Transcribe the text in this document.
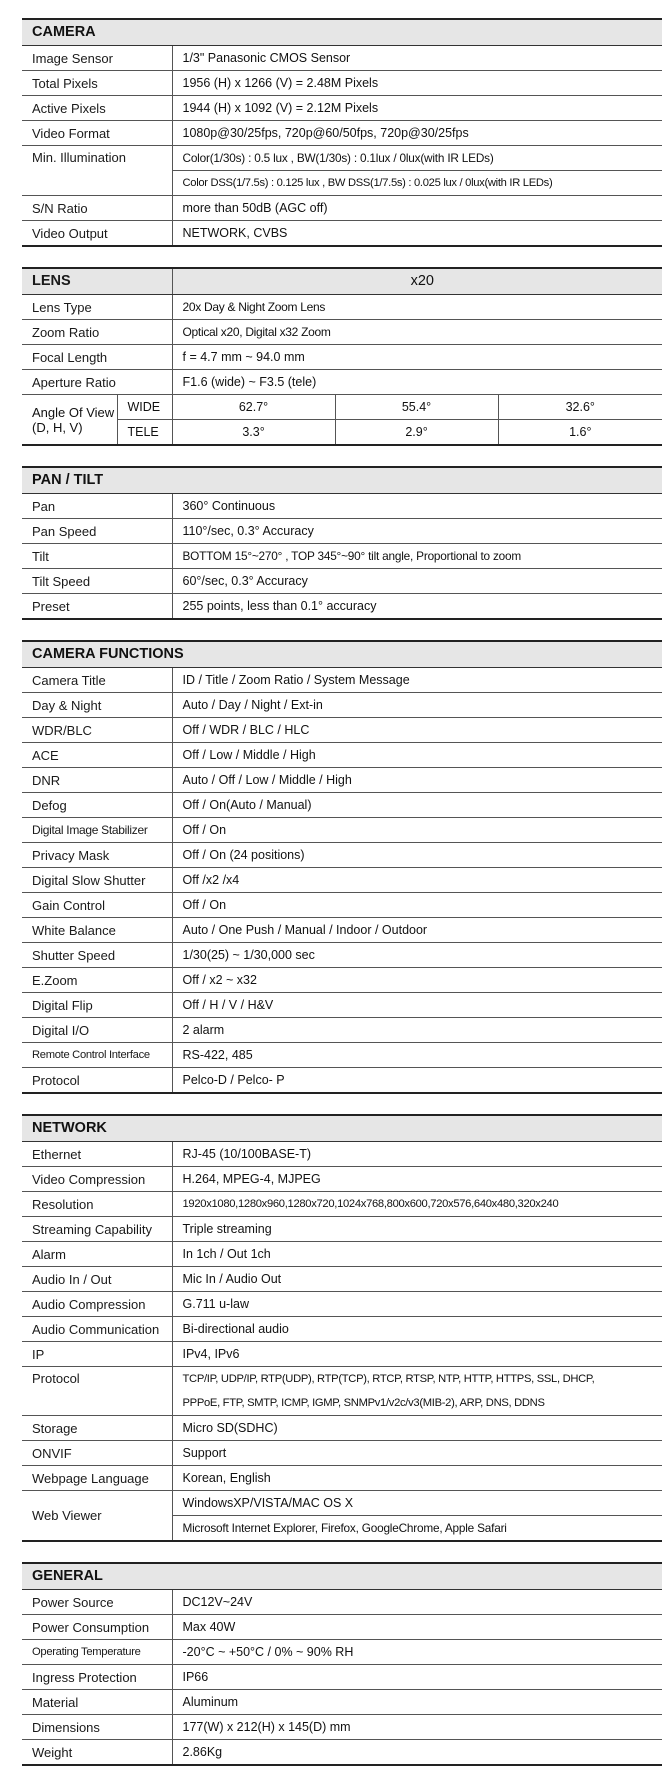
CAMERA	
Image Sensor	1/3" Panasonic CMOS Sensor
Total Pixels	1956 (H) x 1266 (V) = 2.48M Pixels
Active Pixels	1944 (H) x 1092 (V) = 2.12M Pixels
Video Format	1080p@30/25fps, 720p@60/50fps, 720p@30/25fps
Min. Illumination	Color(1/30s) : 0.5 lux , BW(1/30s) : 0.1lux / 0lux(with IR LEDs)
	Color DSS(1/7.5s) : 0.125 lux , BW DSS(1/7.5s) : 0.025 lux / 0lux(with IR LEDs)
S/N Ratio	more than 50dB (AGC off)
Video Output	NETWORK, CVBS
LENS		x20		
Lens Type		20x Day & Night Zoom Lens		
Zoom Ratio		Optical x20, Digital x32 Zoom		
Focal Length		f = 4.7 mm ~ 94.0 mm		
Aperture Ratio		F1.6 (wide) ~ F3.5 (tele)		
Angle Of View
(D, H, V)	WIDE	62.7°	55.4°	32.6°
	TELE	3.3°	2.9°	1.6°
PAN / TILT	
Pan	360° Continuous
Pan Speed	110°/sec, 0.3° Accuracy
Tilt	BOTTOM 15°~270° , TOP 345°~90° tilt angle, Proportional to zoom
Tilt Speed	60°/sec, 0.3° Accuracy
Preset	255 points, less than 0.1° accuracy
CAMERA FUNCTIONS	
Camera Title	ID / Title / Zoom Ratio / System Message
Day & Night	Auto / Day / Night / Ext-in
WDR/BLC	Off / WDR / BLC / HLC
ACE	Off / Low / Middle / High
DNR	Auto / Off / Low / Middle / High
Defog	Off / On(Auto / Manual)
Digital Image Stabilizer	Off / On
Privacy Mask	Off / On (24 positions)
Digital Slow Shutter	Off /x2 /x4
Gain Control	Off / On
White Balance	Auto / One Push / Manual / Indoor / Outdoor
Shutter Speed	1/30(25) ~ 1/30,000 sec
E.Zoom	Off / x2 ~ x32
Digital Flip	Off / H / V / H&V
Digital I/O	2 alarm
Remote Control Interface	RS-422, 485
Protocol	Pelco-D / Pelco- P
NETWORK	
Ethernet	RJ-45 (10/100BASE-T)
Video Compression	H.264, MPEG-4, MJPEG
Resolution	1920x1080,1280x960,1280x720,1024x768,800x600,720x576,640x480,320x240
Streaming Capability	Triple streaming
Alarm	In 1ch / Out 1ch
Audio In / Out	Mic In / Audio Out
Audio Compression	G.711 u-law
Audio Communication	Bi-directional audio
IP	IPv4, IPv6
Protocol	TCP/IP, UDP/IP, RTP(UDP), RTP(TCP), RTCP, RTSP, NTP, HTTP, HTTPS, SSL, DHCP,
	PPPoE, FTP, SMTP, ICMP, IGMP, SNMPv1/v2c/v3(MIB-2), ARP, DNS, DDNS
Storage	Micro SD(SDHC)
ONVIF	Support
Webpage Language	Korean, English
Web Viewer	WindowsXP/VISTA/MAC OS X
	Microsoft Internet Explorer, Firefox, GoogleChrome, Apple Safari
GENERAL	
Power Source	DC12V~24V
Power Consumption	Max 40W
Operating Temperature	-20°C ~ +50°C / 0% ~ 90% RH
Ingress Protection	IP66
Material	Aluminum
Dimensions	177(W) x 212(H) x 145(D) mm
Weight	2.86Kg
